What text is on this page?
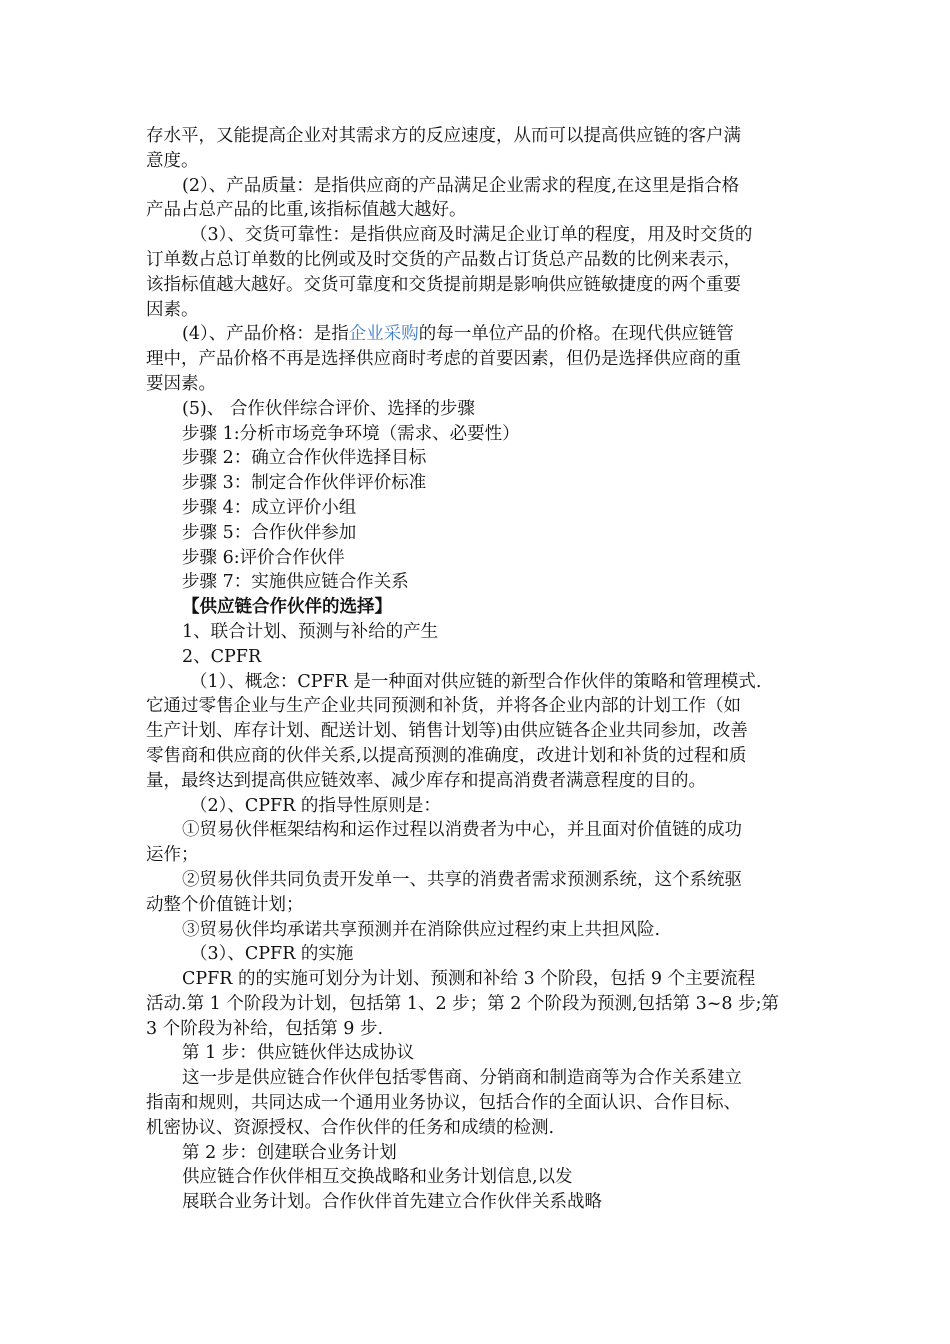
存水平，又能提高企业对其需求方的反应速度，从而可以提高供应链的客户满

意度。

(2）、产品质量：是指供应商的产品满足企业需求的程度,在这里是指合格

产品占总产品的比重,该指标值越大越好。

（3）、交货可靠性：是指供应商及时满足企业订单的程度，用及时交货的

订单数占总订单数的比例或及时交货的产品数占订货总产品数的比例来表示，

该指标值越大越好。交货可靠度和交货提前期是影响供应链敏捷度的两个重要

因素。

(4）、产品价格：是指企业采购的每一单位产品的价格。在现代供应链管

理中，产品价格不再是选择供应商时考虑的首要因素，但仍是选择供应商的重

要因素。

(5)、 合作伙伴综合评价、选择的步骤

步骤 1:分析市场竞争环境（需求、必要性）

步骤 2：确立合作伙伴选择目标

步骤 3：制定合作伙伴评价标准

步骤 4：成立评价小组

步骤 5：合作伙伴参加

步骤 6:评价合作伙伴

步骤 7：实施供应链合作关系

【供应链合作伙伴的选择】

1、联合计划、预测与补给的产生

2、CPFR

（1）、概念：CPFR 是一种面对供应链的新型合作伙伴的策略和管理模式.

它通过零售企业与生产企业共同预测和补货，并将各企业内部的计划工作（如

生产计划、库存计划、配送计划、销售计划等)由供应链各企业共同参加，改善

零售商和供应商的伙伴关系,以提高预测的准确度，改进计划和补货的过程和质

量，最终达到提高供应链效率、减少库存和提高消费者满意程度的目的。

（2）、CPFR 的指导性原则是：

①贸易伙伴框架结构和运作过程以消费者为中心，并且面对价值链的成功

运作；

②贸易伙伴共同负责开发单一、共享的消费者需求预测系统，这个系统驱

动整个价值链计划；

③贸易伙伴均承诺共享预测并在消除供应过程约束上共担风险.

（3）、CPFR 的实施

CPFR 的的实施可划分为计划、预测和补给 3 个阶段，包括 9 个主要流程

活动.第 1 个阶段为计划，包括第 1、2 步；第 2 个阶段为预测,包括第 3~8 步;第

3 个阶段为补给，包括第 9 步.

第 1 步：供应链伙伴达成协议

这一步是供应链合作伙伴包括零售商、分销商和制造商等为合作关系建立

指南和规则，共同达成一个通用业务协议，包括合作的全面认识、合作目标、

机密协议、资源授权、合作伙伴的任务和成绩的检测.

第 2 步：创建联合业务计划

供应链合作伙伴相互交换战略和业务计划信息,以发

展联合业务计划。合作伙伴首先建立合作伙伴关系战略
